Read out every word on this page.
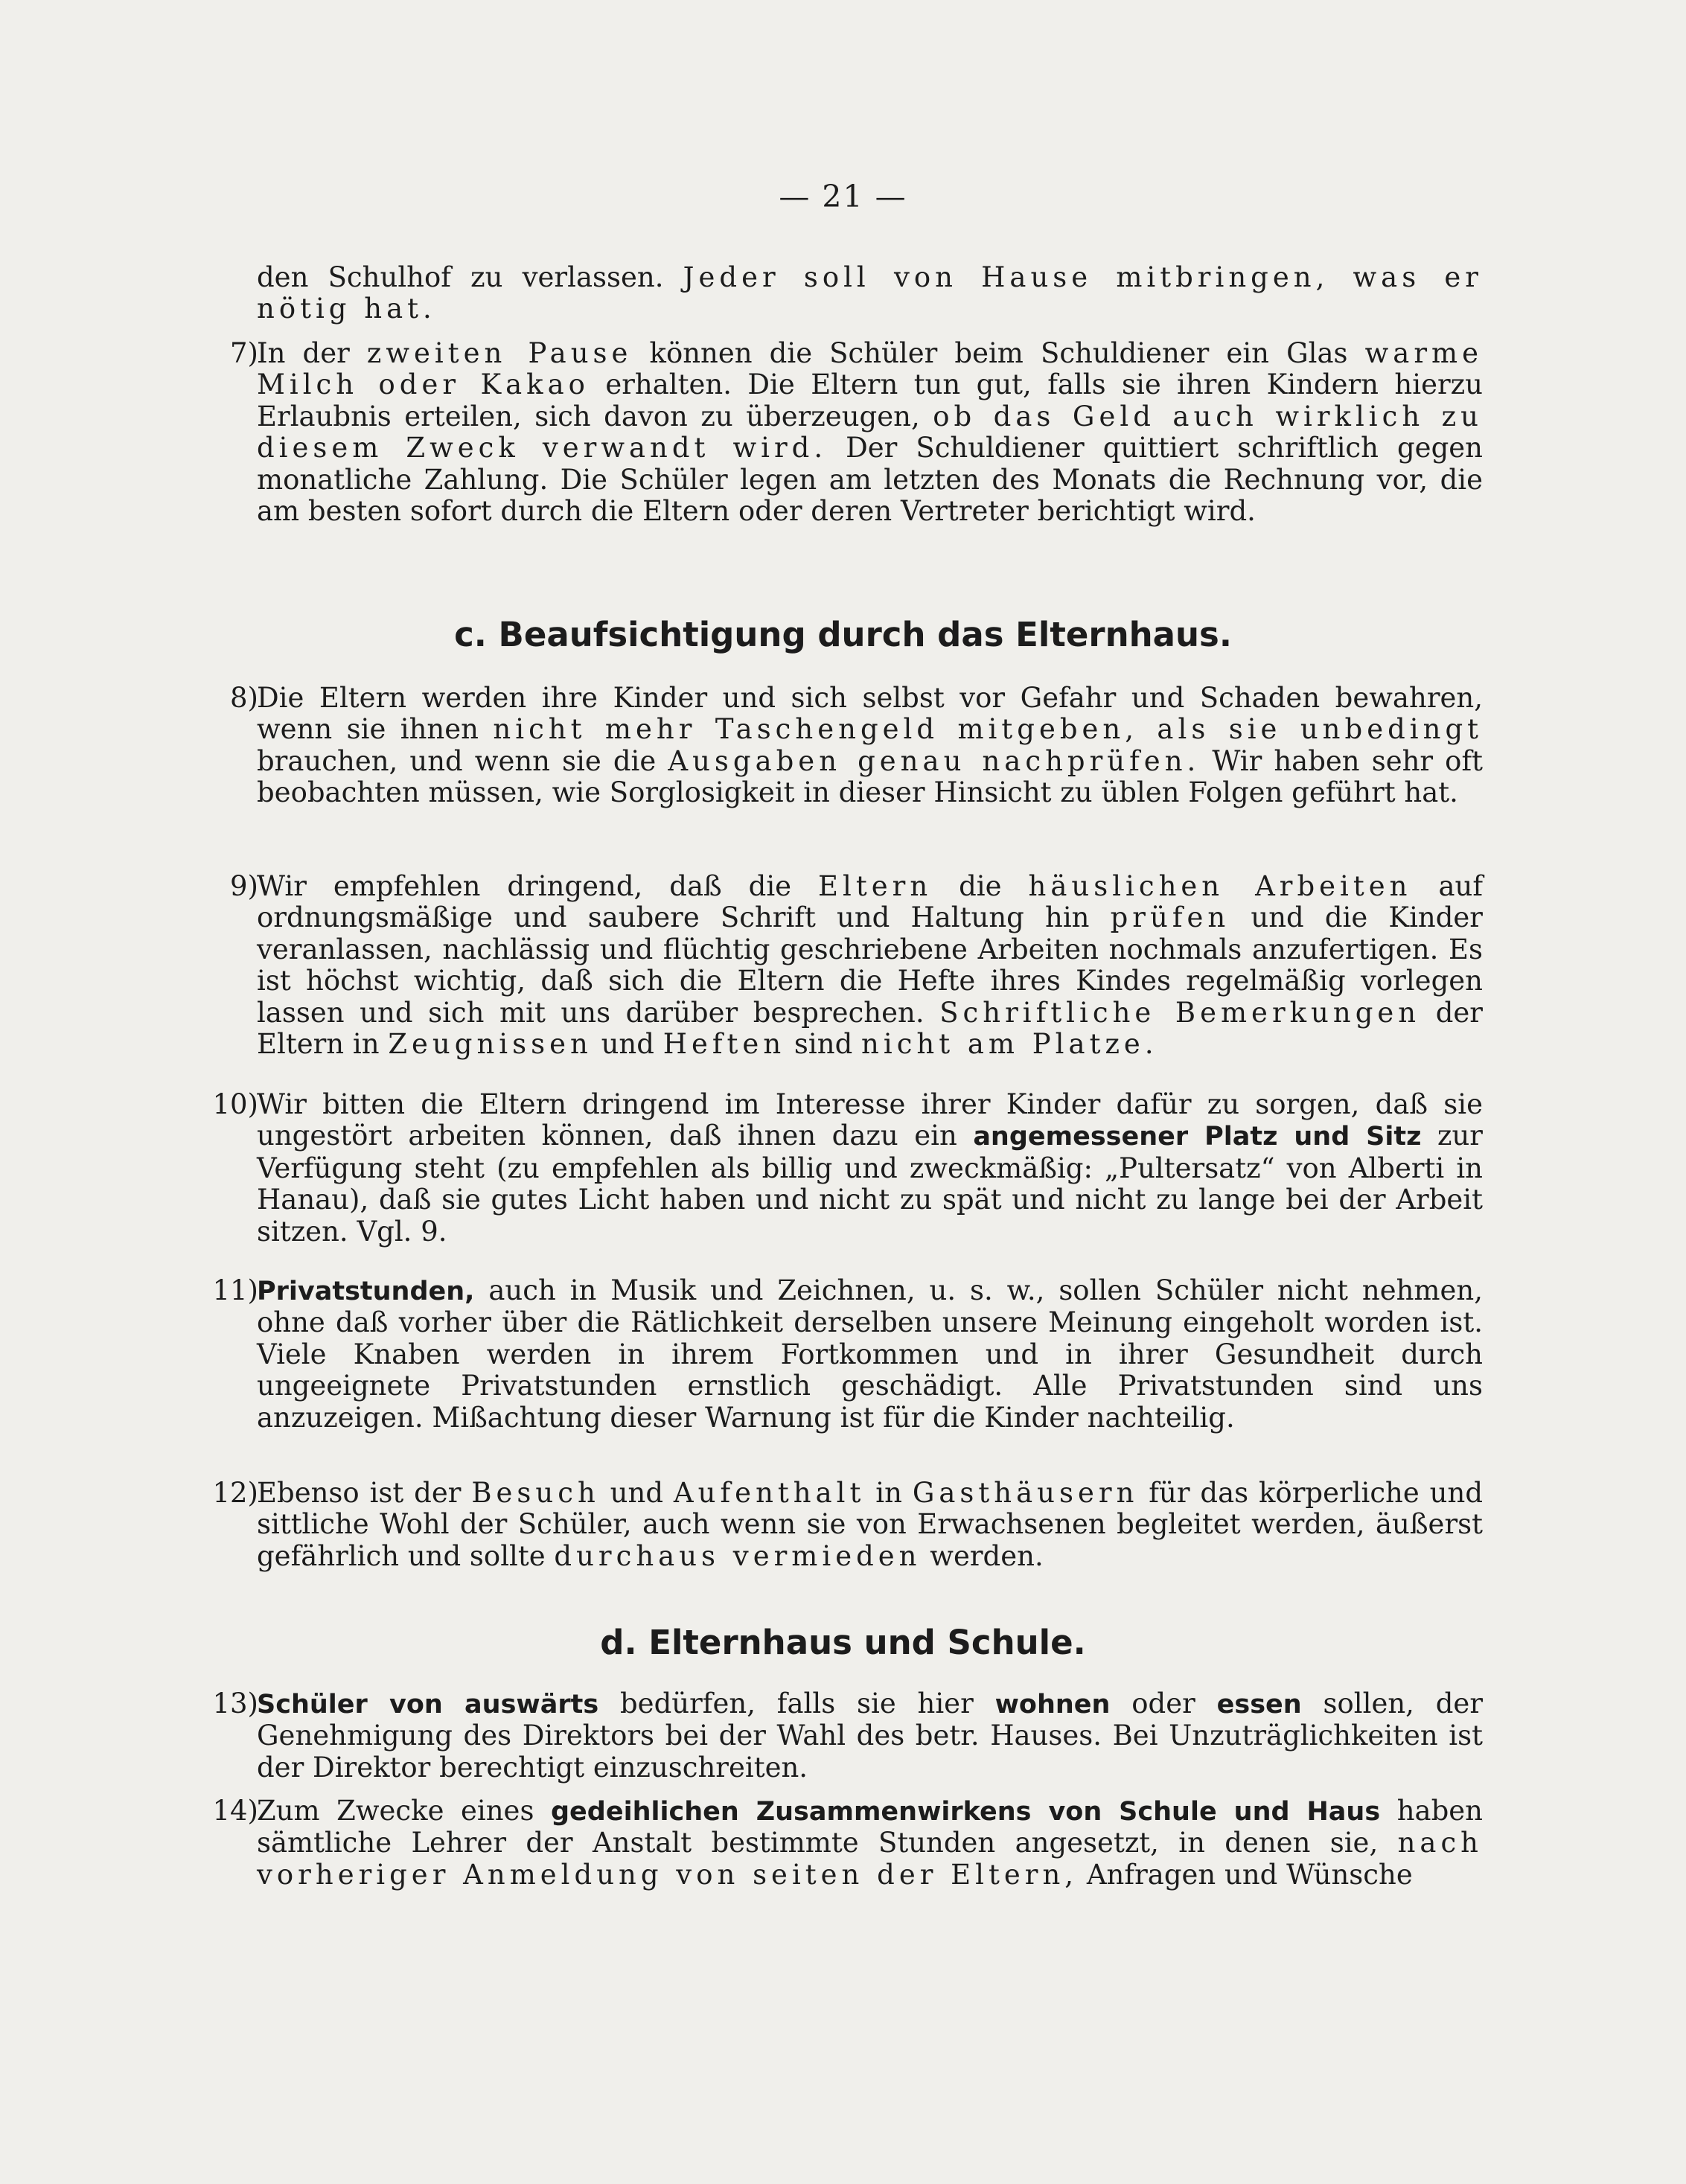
— 21 —
den Schulhof zu verlassen. Jeder soll von Hause mitbringen, was er nötig hat.
7)
In der zweiten Pause können die Schüler beim Schuldiener ein Glas warme Milch oder Kakao erhalten. Die Eltern tun gut, falls sie ihren Kindern hierzu Erlaubnis erteilen, sich davon zu überzeugen, ob das Geld auch wirklich zu diesem Zweck verwandt wird. Der Schuldiener quittiert schriftlich gegen monatliche Zahlung. Die Schüler legen am letzten des Monats die Rechnung vor, die am besten sofort durch die Eltern oder deren Vertreter berichtigt wird.
c. Beaufsichtigung durch das Elternhaus.
8)
Die Eltern werden ihre Kinder und sich selbst vor Gefahr und Schaden bewahren, wenn sie ihnen nicht mehr Taschengeld mitgeben, als sie unbedingt brauchen, und wenn sie die Ausgaben genau nachprüfen. Wir haben sehr oft beobachten müssen, wie Sorglosigkeit in dieser Hinsicht zu üblen Folgen geführt hat.
9)
Wir empfehlen dringend, daß die Eltern die häuslichen Arbeiten auf ordnungsmäßige und saubere Schrift und Haltung hin prüfen und die Kinder veranlassen, nachlässig und flüchtig geschriebene Arbeiten nochmals anzufertigen. Es ist höchst wichtig, daß sich die Eltern die Hefte ihres Kindes regelmäßig vorlegen lassen und sich mit uns darüber besprechen. Schriftliche Bemerkungen der Eltern in Zeugnissen und Heften sind nicht am Platze.
10)
Wir bitten die Eltern dringend im Interesse ihrer Kinder dafür zu sorgen, daß sie ungestört arbeiten können, daß ihnen dazu ein angemessener Platz und Sitz zur Verfügung steht (zu empfehlen als billig und zweckmäßig: „Pultersatz“ von Alberti in Hanau), daß sie gutes Licht haben und nicht zu spät und nicht zu lange bei der Arbeit sitzen. Vgl. 9.
11)
Privatstunden, auch in Musik und Zeichnen, u. s. w., sollen Schüler nicht nehmen, ohne daß vorher über die Rätlichkeit derselben unsere Meinung eingeholt worden ist. Viele Knaben werden in ihrem Fortkommen und in ihrer Gesundheit durch ungeeignete Privatstunden ernstlich geschädigt. Alle Privatstunden sind uns anzuzeigen. Mißachtung dieser Warnung ist für die Kinder nachteilig.
12)
Ebenso ist der Besuch und Aufenthalt in Gasthäusern für das körperliche und sittliche Wohl der Schüler, auch wenn sie von Erwachsenen begleitet werden, äußerst gefährlich und sollte durchaus vermieden werden.
d. Elternhaus und Schule.
13)
Schüler von auswärts bedürfen, falls sie hier wohnen oder essen sollen, der Genehmigung des Direktors bei der Wahl des betr. Hauses. Bei Unzuträglichkeiten ist der Direktor berechtigt einzuschreiten.
14)
Zum Zwecke eines gedeihlichen Zusammenwirkens von Schule und Haus haben sämtliche Lehrer der Anstalt bestimmte Stunden angesetzt, in denen sie, nach vorheriger Anmeldung von seiten der Eltern, Anfragen und Wünsche
